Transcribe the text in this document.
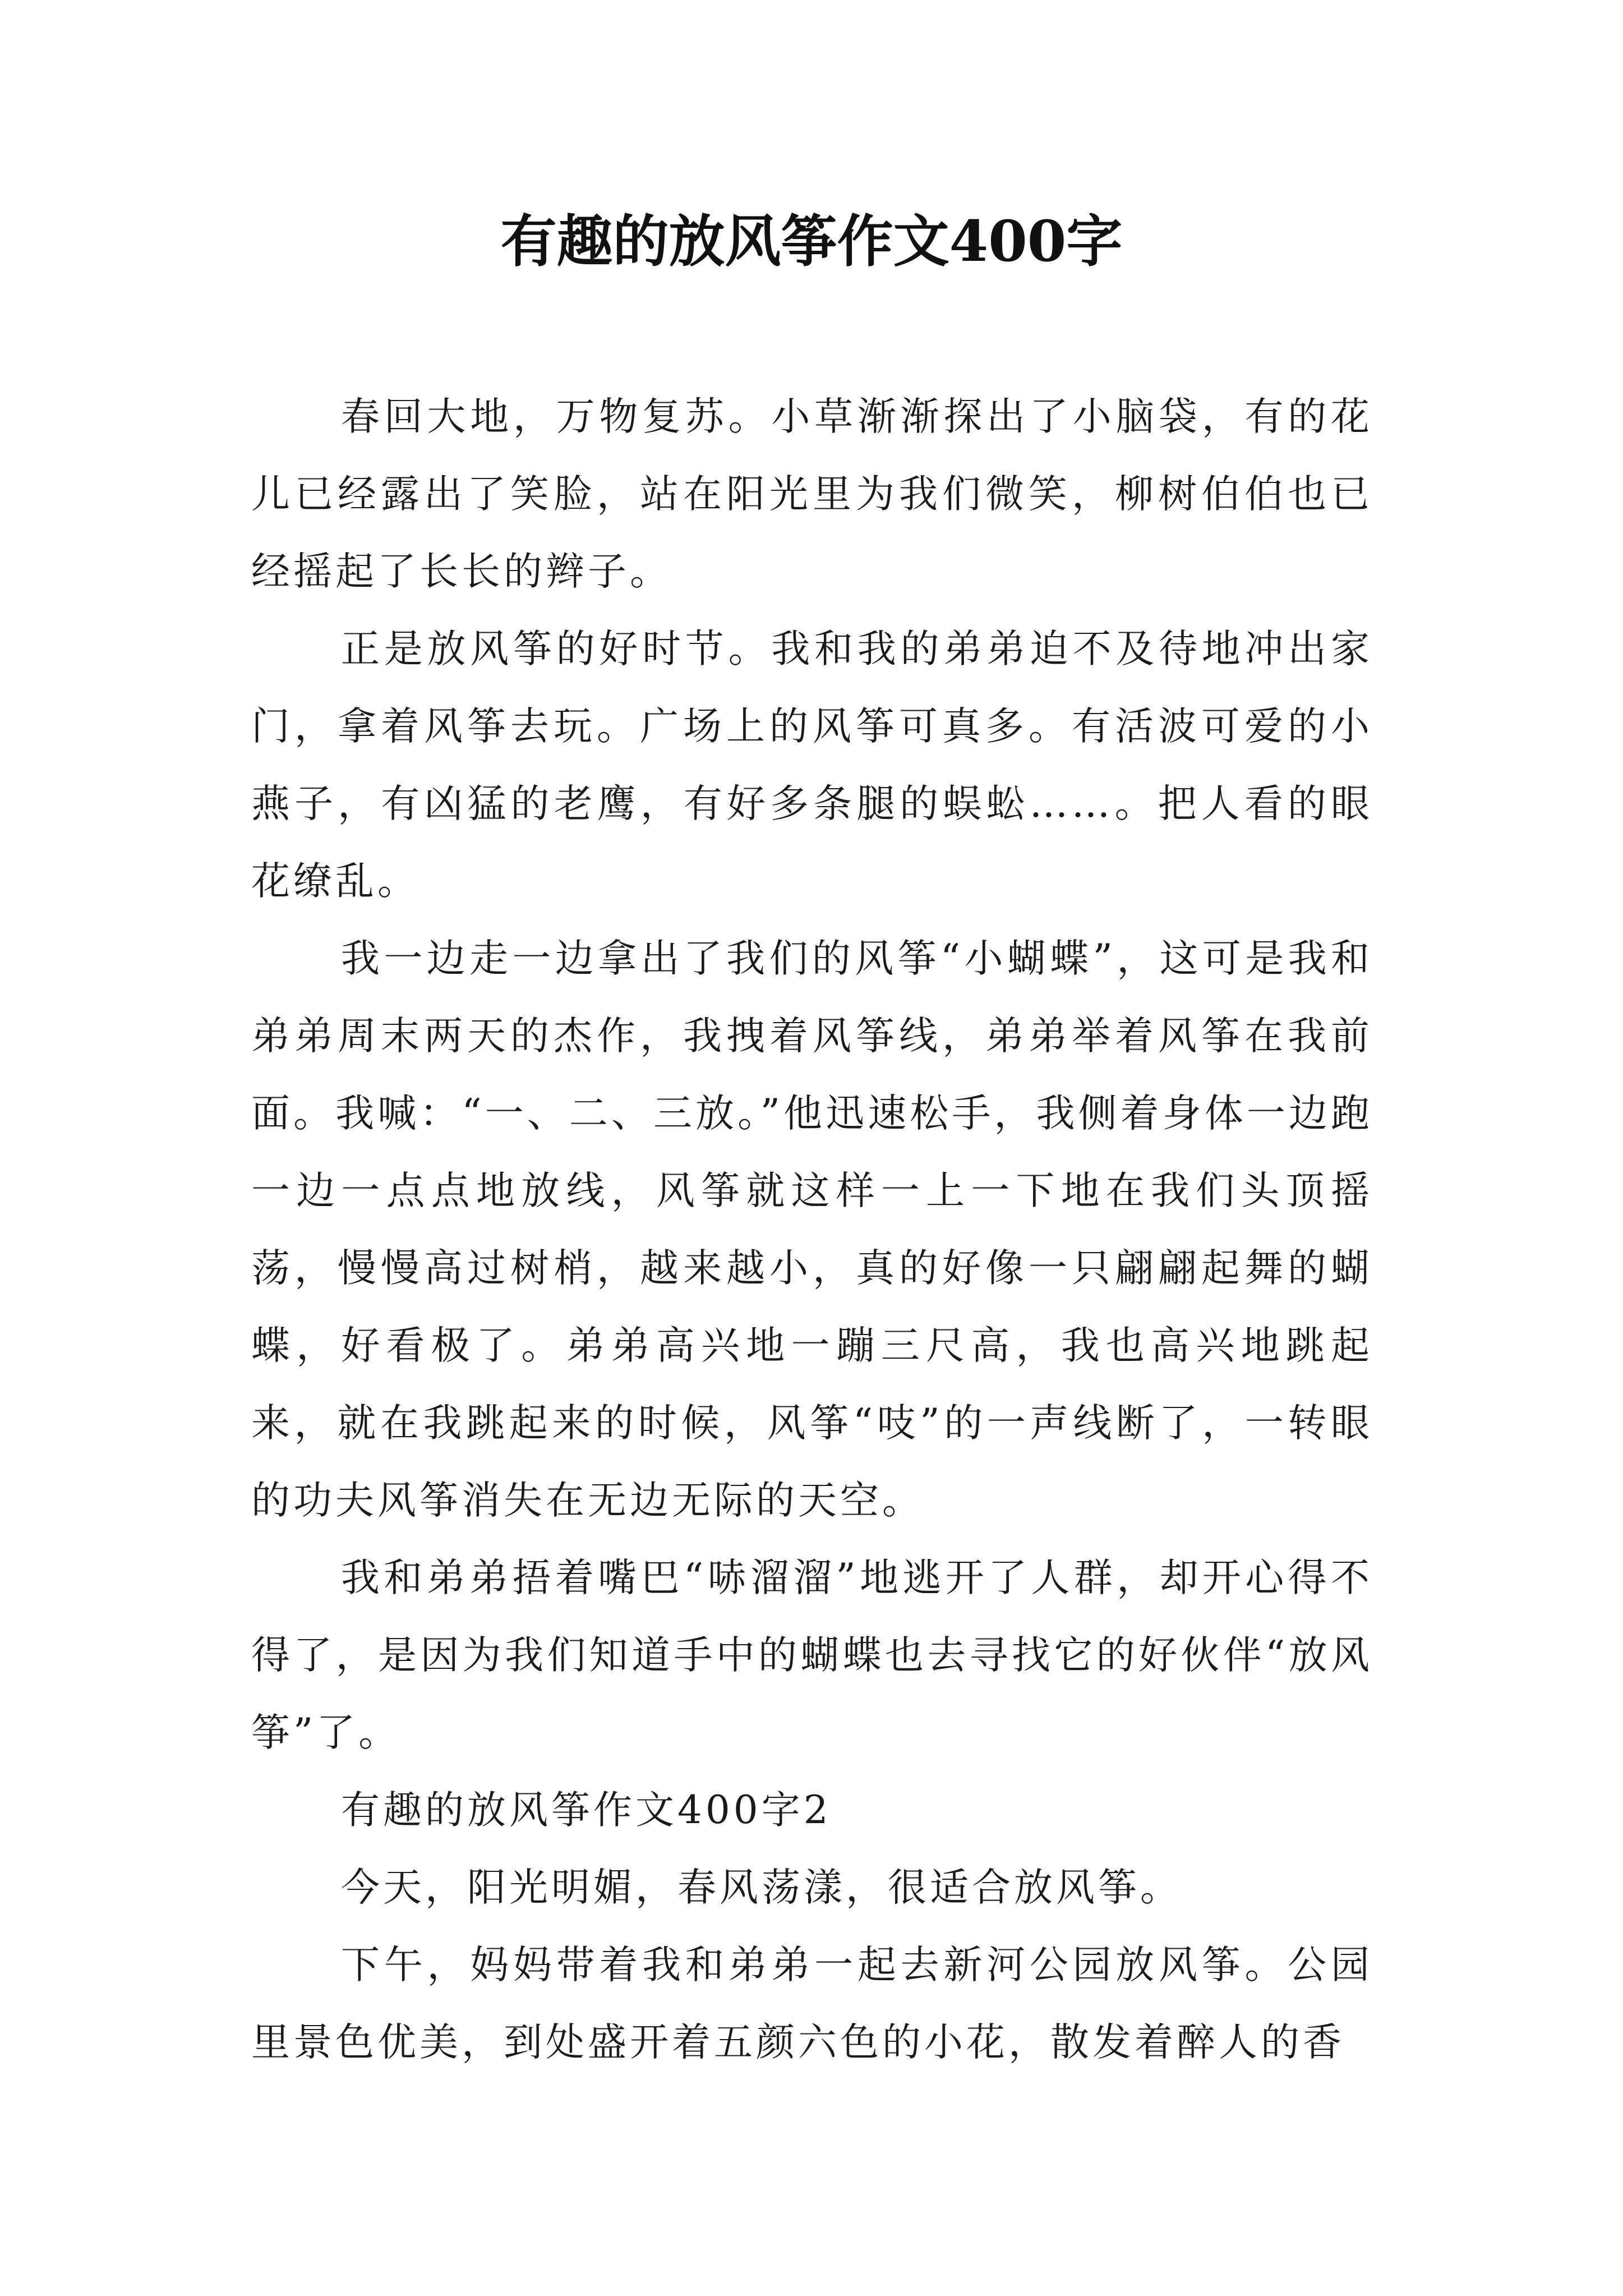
有趣的放风筝作文400字

春回大地，万物复苏。小草渐渐探出了小脑袋，有的花儿已经露出了笑脸，站在阳光里为我们微笑，柳树伯伯也已经摇起了长长的辫子。

正是放风筝的好时节。我和我的弟弟迫不及待地冲出家门，拿着风筝去玩。广场上的风筝可真多。有活波可爱的小燕子，有凶猛的老鹰，有好多条腿的蜈蚣……。把人看的眼花缭乱。

我一边走一边拿出了我们的风筝“小蝴蝶”，这可是我和弟弟周末两天的杰作，我拽着风筝线，弟弟举着风筝在我前面。我喊：“一、二、三放。”他迅速松手，我侧着身体一边跑一边一点点地放线，风筝就这样一上一下地在我们头顶摇荡，慢慢高过树梢，越来越小，真的好像一只翩翩起舞的蝴蝶，好看极了。弟弟高兴地一蹦三尺高，我也高兴地跳起来，就在我跳起来的时候，风筝“吱”的一声线断了，一转眼的功夫风筝消失在无边无际的天空。

我和弟弟捂着嘴巴“哧溜溜”地逃开了人群，却开心得不得了，是因为我们知道手中的蝴蝶也去寻找它的好伙伴“放风筝”了。

有趣的放风筝作文400字2

今天，阳光明媚，春风荡漾，很适合放风筝。

下午，妈妈带着我和弟弟一起去新河公园放风筝。公园里景色优美，到处盛开着五颜六色的小花，散发着醉人的香
